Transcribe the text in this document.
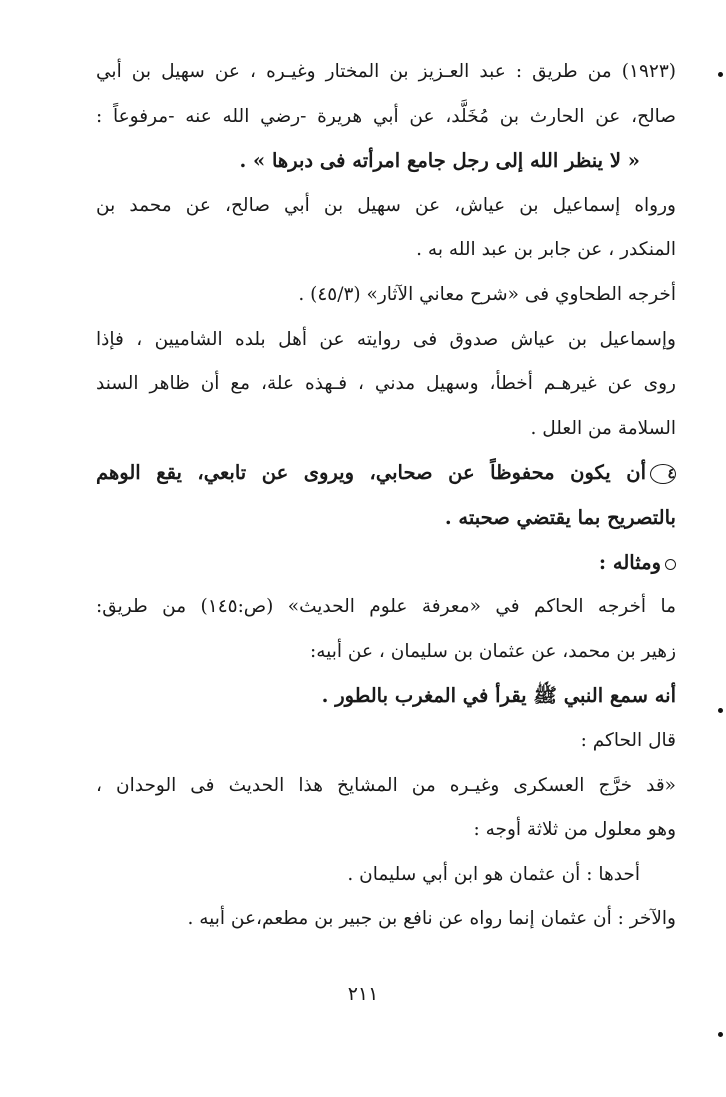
(١٩٢٣) من طريق : عبد العـزيز بن المختار وغيـره ، عن سهيل بن أبي
صالح، عن الحارث بن مُخَلَّد، عن أبي هريرة -رضي الله عنه -مرفوعاً :
« لا ينظر الله إلى رجل جامع امرأته فى دبرها » .
ورواه إسماعيل بن عياش، عن سهيل بن أبي صالح، عن محمد بن
المنكدر ، عن جابر بن عبد الله به .
أخرجه الطحاوي فى «شرح معاني الآثار» (٤٥/٣) .
وإسماعيل بن عياش صدوق فى روايته عن أهل بلده الشاميين ، فإذا
روى عن غيرهـم أخطأ، وسهيل مدني ، فـهذه علة، مع أن ظاهر السند
السلامة من العلل .
٤أن يكون محفوظاً عن صحابي، ويروى عن تابعي، يقع الوهم
بالتصريح بما يقتضي صحبته .
ومثاله :
ما أخرجه الحاكم في «معرفة علوم الحديث» (ص:١٤٥) من طريق:
زهير بن محمد، عن عثمان بن سليمان ، عن أبيه:
أنه سمع النبي ﷺ يقرأ في المغرب بالطور .
قال الحاكم :
«قد خرَّج العسكرى وغيـره من المشايخ هذا الحديث فى الوحدان ،
وهو معلول من ثلاثة أوجه :
أحدها : أن عثمان هو ابن أبي سليمان .
والآخر : أن عثمان إنما رواه عن نافع بن جبير بن مطعم،عن أبيه .
٢١١
